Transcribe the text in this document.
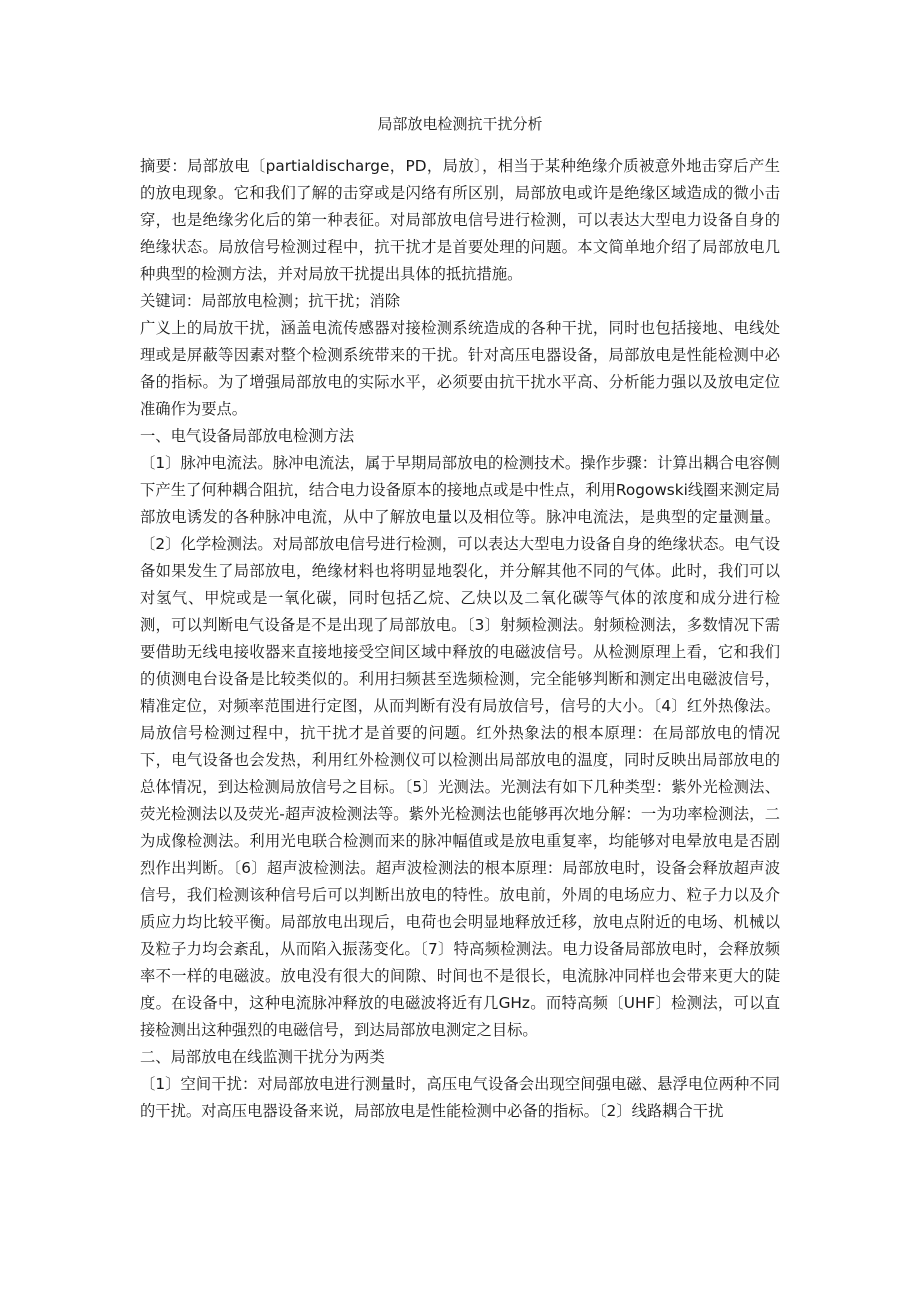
局部放电检测抗干扰分析

摘要：局部放电〔partialdischarge，PD，局放〕，相当于某种绝缘介质被意外地击穿后产生的放电现象。它和我们了解的击穿或是闪络有所区别，局部放电或许是绝缘区域造成的微小击穿，也是绝缘劣化后的第一种表征。对局部放电信号进行检测，可以表达大型电力设备自身的绝缘状态。局放信号检测过程中，抗干扰才是首要处理的问题。本文简单地介绍了局部放电几种典型的检测方法，并对局放干扰提出具体的抵抗措施。

关键词：局部放电检测；抗干扰；消除

广义上的局放干扰，涵盖电流传感器对接检测系统造成的各种干扰，同时也包括接地、电线处理或是屏蔽等因素对整个检测系统带来的干扰。针对高压电器设备，局部放电是性能检测中必备的指标。为了增强局部放电的实际水平，必须要由抗干扰水平高、分析能力强以及放电定位准确作为要点。

一、电气设备局部放电检测方法

〔1〕脉冲电流法。脉冲电流法，属于早期局部放电的检测技术。操作步骤：计算出耦合电容侧下产生了何种耦合阻抗，结合电力设备原本的接地点或是中性点，利用Rogowski线圈来测定局部放电诱发的各种脉冲电流，从中了解放电量以及相位等。脉冲电流法，是典型的定量测量。〔2〕化学检测法。对局部放电信号进行检测，可以表达大型电力设备自身的绝缘状态。电气设备如果发生了局部放电，绝缘材料也将明显地裂化，并分解其他不同的气体。此时，我们可以对氢气、甲烷或是一氧化碳，同时包括乙烷、乙炔以及二氧化碳等气体的浓度和成分进行检测，可以判断电气设备是不是出现了局部放电。〔3〕射频检测法。射频检测法，多数情况下需要借助无线电接收器来直接地接受空间区域中释放的电磁波信号。从检测原理上看，它和我们的侦测电台设备是比较类似的。利用扫频甚至选频检测，完全能够判断和测定出电磁波信号，精准定位，对频率范围进行定图，从而判断有没有局放信号，信号的大小。〔4〕红外热像法。局放信号检测过程中，抗干扰才是首要的问题。红外热象法的根本原理：在局部放电的情况下，电气设备也会发热，利用红外检测仪可以检测出局部放电的温度，同时反映出局部放电的总体情况，到达检测局放信号之目标。〔5〕光测法。光测法有如下几种类型：紫外光检测法、荧光检测法以及荧光-超声波检测法等。紫外光检测法也能够再次地分解：一为功率检测法，二为成像检测法。利用光电联合检测而来的脉冲幅值或是放电重复率，均能够对电晕放电是否剧烈作出判断。〔6〕超声波检测法。超声波检测法的根本原理：局部放电时，设备会释放超声波信号，我们检测该种信号后可以判断出放电的特性。放电前，外周的电场应力、粒子力以及介质应力均比较平衡。局部放电出现后，电荷也会明显地释放迁移，放电点附近的电场、机械以及粒子力均会紊乱，从而陷入振荡变化。〔7〕特高频检测法。电力设备局部放电时，会释放频率不一样的电磁波。放电没有很大的间隙、时间也不是很长，电流脉冲同样也会带来更大的陡度。在设备中，这种电流脉冲释放的电磁波将近有几GHz。而特高频〔UHF〕检测法，可以直接检测出这种强烈的电磁信号，到达局部放电测定之目标。

二、局部放电在线监测干扰分为两类

〔1〕空间干扰：对局部放电进行测量时，高压电气设备会出现空间强电磁、悬浮电位两种不同的干扰。对高压电器设备来说，局部放电是性能检测中必备的指标。〔2〕线路耦合干扰
